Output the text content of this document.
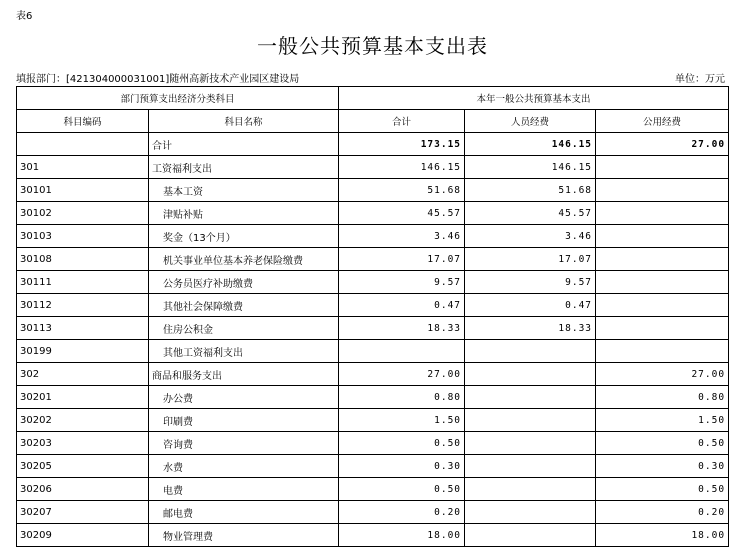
表6
一般公共预算基本支出表
填报部门：[421304000031001]随州高新技术产业园区建设局	单位：万元
部门预算支出经济分类科目		本年一般公共预算基本支出		
科目编码	科目名称	合计	人员经费	公用经费
	合计	173.15	146.15	27.00
301	工资福利支出	146.15	146.15	
30101	基本工资	51.68	51.68	
30102	津贴补贴	45.57	45.57	
30103	奖金（13个月）	3.46	3.46	
30108	机关事业单位基本养老保险缴费	17.07	17.07	
30111	公务员医疗补助缴费	9.57	9.57	
30112	其他社会保障缴费	0.47	0.47	
30113	住房公积金	18.33	18.33	
30199	其他工资福利支出			
302	商品和服务支出	27.00		27.00
30201	办公费	0.80		0.80
30202	印刷费	1.50		1.50
30203	咨询费	0.50		0.50
30205	水费	0.30		0.30
30206	电费	0.50		0.50
30207	邮电费	0.20		0.20
30209	物业管理费	18.00		18.00
